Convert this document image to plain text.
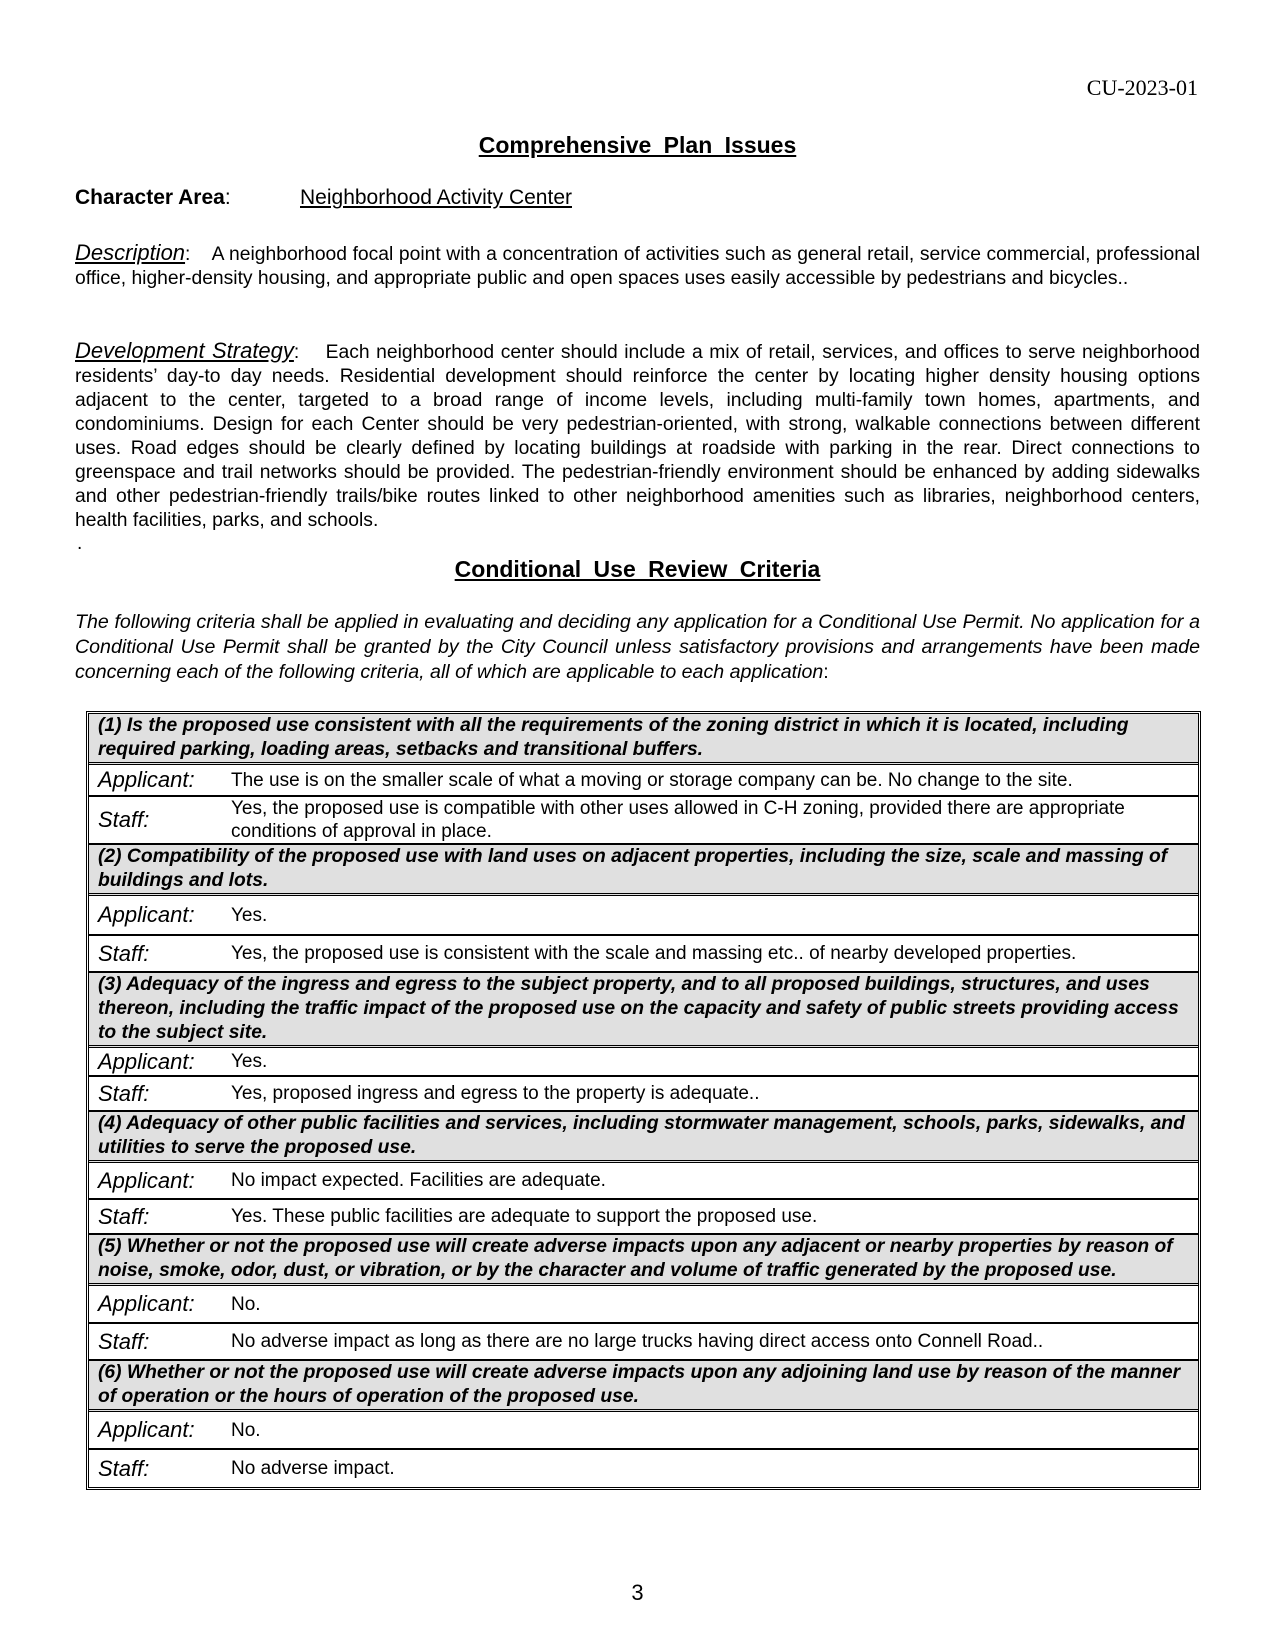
CU-2023-01
Comprehensive Plan Issues
Character Area:	Neighborhood Activity Center
Description:    A neighborhood focal point with a concentration of activities such as general retail, service commercial, professional office, higher-density housing, and appropriate public and open spaces uses easily accessible by pedestrians and bicycles..
Development Strategy:    Each neighborhood center should include a mix of retail, services, and offices to serve neighborhood residents’ day-to day needs. Residential development should reinforce the center by locating higher density housing options adjacent to the center, targeted to a broad range of income levels, including multi-family town homes, apartments, and condominiums. Design for each Center should be very pedestrian-oriented, with strong, walkable connections between different uses. Road edges should be clearly defined by locating buildings at roadside with parking in the rear. Direct connections to greenspace and trail networks should be provided. The pedestrian-friendly environment should be enhanced by adding sidewalks and other pedestrian-friendly trails/bike routes linked to other neighborhood amenities such as libraries, neighborhood centers, health facilities, parks, and schools.
.
Conditional Use Review Criteria
The following criteria shall be applied in evaluating and deciding any application for a Conditional Use Permit. No application for a Conditional Use Permit shall be granted by the City Council unless satisfactory provisions and arrangements have been made concerning each of the following criteria, all of which are applicable to each application:
(1) Is the proposed use consistent with all the requirements of the zoning district in which it is located, including required parking, loading areas, setbacks and transitional buffers.	
Applicant:	The use is on the smaller scale of what a moving or storage company can be. No change to the site.
Staff:	Yes, the proposed use is compatible with other uses allowed in C-H zoning, provided there are appropriate conditions of approval in place.
(2) Compatibility of the proposed use with land uses on adjacent properties, including the size, scale and massing of buildings and lots.	
Applicant:	Yes.
Staff:	Yes, the proposed use is consistent with the scale and massing etc.. of nearby developed properties.
(3) Adequacy of the ingress and egress to the subject property, and to all proposed buildings, structures, and uses thereon, including the traffic impact of the proposed use on the capacity and safety of public streets providing access to the subject site.	
Applicant:	Yes.
Staff:	Yes, proposed ingress and egress to the property is adequate..
(4) Adequacy of other public facilities and services, including stormwater management, schools, parks, sidewalks, and utilities to serve the proposed use.	
Applicant:	No impact expected. Facilities are adequate.
Staff:	Yes. These public facilities are adequate to support the proposed use.
(5) Whether or not the proposed use will create adverse impacts upon any adjacent or nearby properties by reason of noise, smoke, odor, dust, or vibration, or by the character and volume of traffic generated by the proposed use.	
Applicant:	No.
Staff:	No adverse impact as long as there are no large trucks having direct access onto Connell Road..
(6) Whether or not the proposed use will create adverse impacts upon any adjoining land use by reason of the manner of operation or the hours of operation of the proposed use.	
Applicant:	No.
Staff:	No adverse impact.
3
